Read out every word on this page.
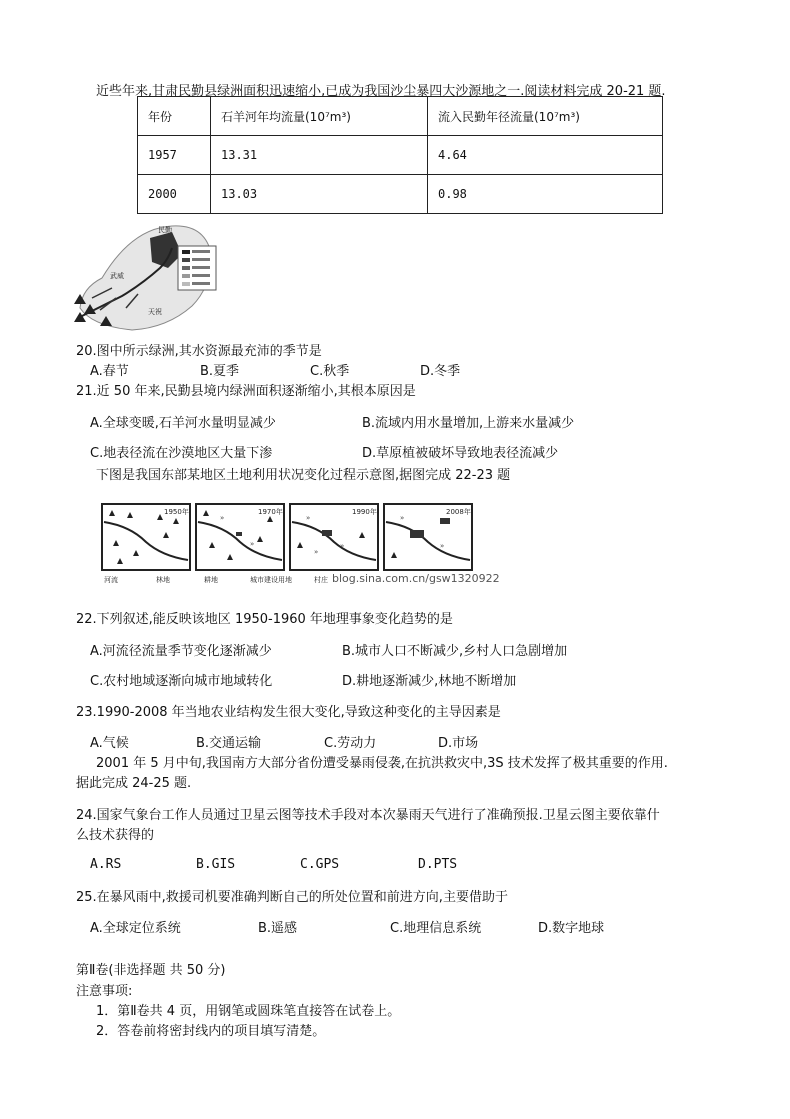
近些年来,甘肃民勤县绿洲面积迅速缩小,已成为我国沙尘暴四大沙源地之一.阅读材料完成 20-21 题.
年份	石羊河年均流量(10⁷m³)	流入民勤年径流量(10⁷m³)
1957	13.31	4.64
2000	13.03	0.98
民勤
武威
天祝
20.图中所示绿洲,其水资源最充沛的季节是
A.春节	B.夏季	C.秋季	D.冬季
21.近 50 年来,民勤县境内绿洲面积逐渐缩小,其根本原因是
A.全球变暖,石羊河水量明显减少	B.流域内用水量增加,上游来水量减少
C.地表径流在沙漠地区大量下渗	D.草原植被破坏导致地表径流减少
下图是我国东部某地区土地利用状况变化过程示意图,据图完成 22-23 题
1950年
»
»
1970年
»
»
»
1990年
»
»
2008年
河流	林地	耕地	城市建设用地	村庄 blog.sina.com.cn/gsw1320922
22.下列叙述,能反映该地区 1950-1960 年地理事象变化趋势的是
A.河流径流量季节变化逐渐减少	B.城市人口不断减少,乡村人口急剧增加
C.农村地域逐渐向城市地域转化	D.耕地逐渐减少,林地不断增加
23.1990-2008 年当地农业结构发生很大变化,导致这种变化的主导因素是
A.气候	B.交通运输	C.劳动力	D.市场
2001 年 5 月中旬,我国南方大部分省份遭受暴雨侵袭,在抗洪救灾中,3S 技术发挥了极其重要的作用.
据此完成 24-25 题.
24.国家气象台工作人员通过卫星云图等技术手段对本次暴雨天气进行了准确预报.卫星云图主要依靠什
么技术获得的
A.RS	B.GIS	C.GPS	D.PTS
25.在暴风雨中,救援司机要准确判断自己的所处位置和前进方向,主要借助于
A.全球定位系统	B.遥感	C.地理信息系统	D.数字地球
第Ⅱ卷(非选择题 共 50 分)
注意事项:
1．第Ⅱ卷共 4 页，用钢笔或圆珠笔直接答在试卷上。
2．答卷前将密封线内的项目填写清楚。
